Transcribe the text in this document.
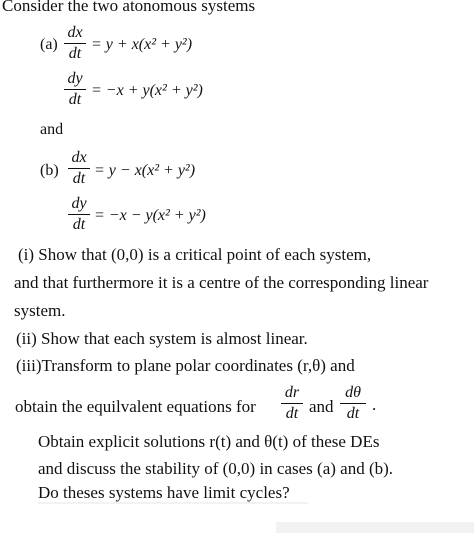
Consider the two atonomous systems
(a)
dx
dt
= y + x(x² + y²)
dy
dt
= −x + y(x² + y²)
and
(b)
dx
dt = y − x(x² + y²)
dy
dt
= −x − y(x² + y²)
(i) Show that (0,0) is a critical point of each system,
and that furthermore it is a centre of the corresponding linear
system.
(ii) Show that each system is almost linear.
(iii)Transform to plane polar coordinates (r,θ) and
obtain the equilvalent equations for
dr
dt and
dθ
dt .
Obtain explicit solutions r(t) and θ(t) of these DEs
and discuss the stability of (0,0) in cases (a) and (b).
Do theses systems have limit cycles?
